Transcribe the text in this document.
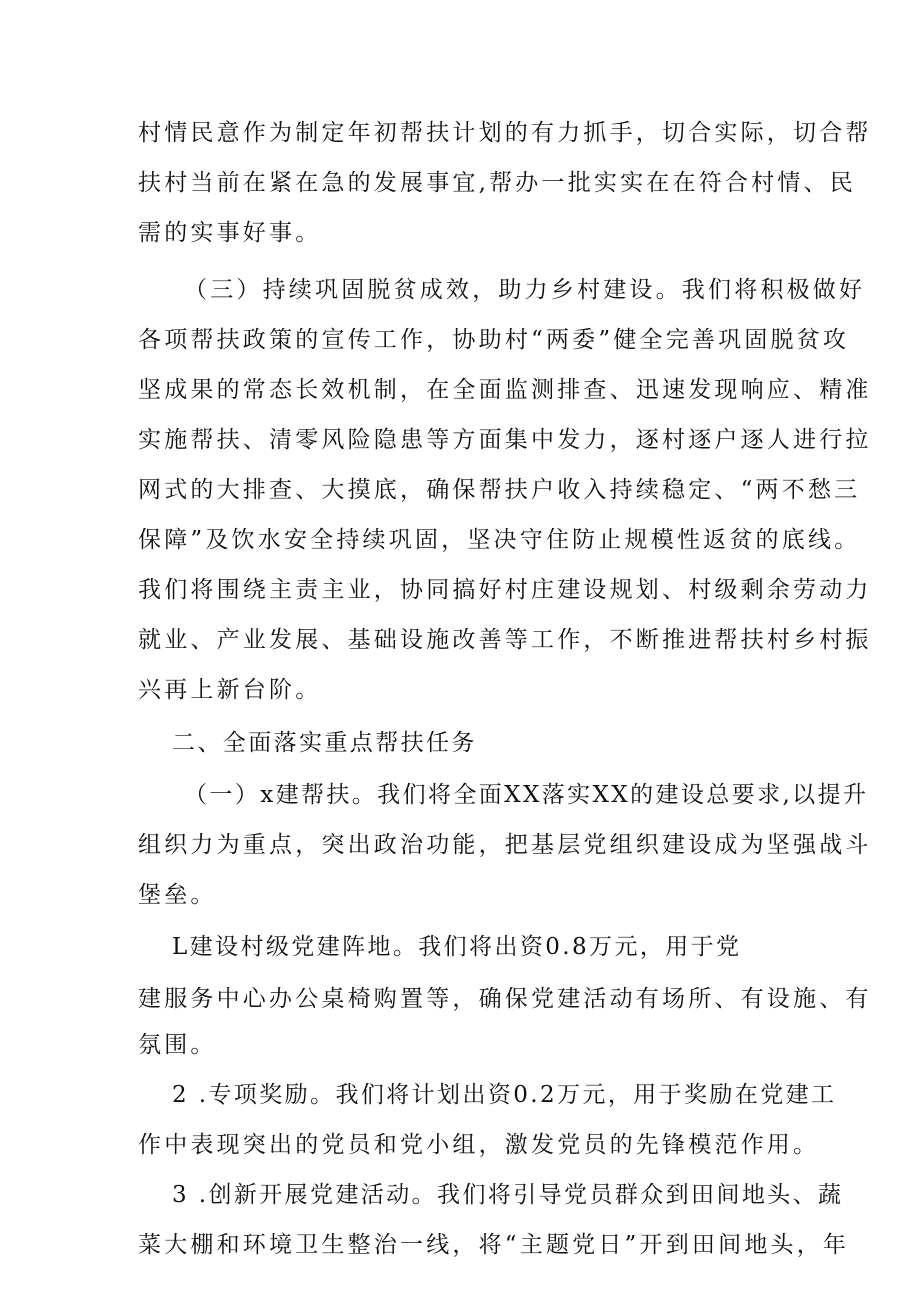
村情民意作为制定年初帮扶计划的有力抓手，切合实际，切合帮
扶村当前在紧在急的发展事宜,帮办一批实实在在符合村情、民
需的实事好事。
（三）持续巩固脱贫成效，助力乡村建设。我们将积极做好
各项帮扶政策的宣传工作，协助村“两委”健全完善巩固脱贫攻
坚成果的常态长效机制，在全面监测排查、迅速发现响应、精准
实施帮扶、清零风险隐患等方面集中发力，逐村逐户逐人进行拉
网式的大排查、大摸底，确保帮扶户收入持续稳定、“两不愁三
保障”及饮水安全持续巩固，坚决守住防止规模性返贫的底线。
我们将围绕主责主业，协同搞好村庄建设规划、村级剩余劳动力
就业、产业发展、基础设施改善等工作，不断推进帮扶村乡村振
兴再上新台阶。
二、全面落实重点帮扶任务
（一）x建帮扶。我们将全面XX落实XX的建设总要求,以提升
组织力为重点，突出政治功能，把基层党组织建设成为坚强战斗
堡垒。
L建设村级党建阵地。我们将出资0.8万元，用于党
建服务中心办公桌椅购置等，确保党建活动有场所、有设施、有
氛围。
2 .专项奖励。我们将计划出资0.2万元，用于奖励在党建工
作中表现突出的党员和党小组，激发党员的先锋模范作用。
3 .创新开展党建活动。我们将引导党员群众到田间地头、蔬
菜大棚和环境卫生整治一线，将“主题党日”开到田间地头，年
